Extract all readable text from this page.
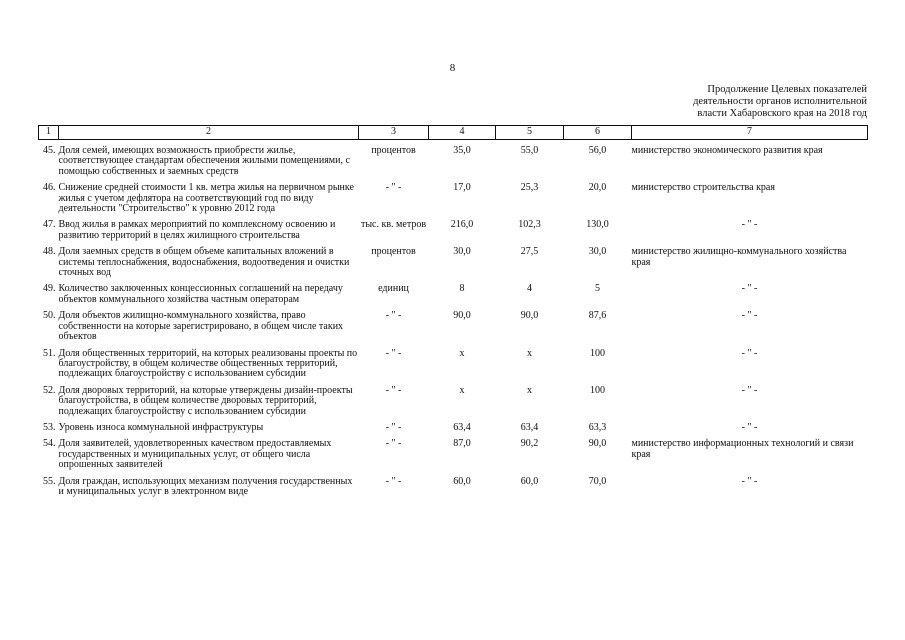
8
Продолжение Целевых показателей
деятельности органов исполнительной
власти Хабаровского края на 2018 год
1	2	3	4	5	6	7
45.	Доля семей, имеющих возможность приобрести жилье, соответствующее стандартам обеспечения жилыми помещениями, с помощью собственных и заемных средств	процентов	35,0	55,0	56,0	министерство экономического развития края
46.	Снижение средней стоимости 1 кв. метра жилья на первичном рынке жилья с учетом дефлятора на соответствующий год по виду деятельности "Строительство" к уровню 2012 года	- " -	17,0	25,3	20,0	министерство строительства края
47.	Ввод жилья в рамках мероприятий по комплексному освоению и развитию территорий в целях жилищного строительства	тыс. кв. метров	216,0	102,3	130,0	- " -
48.	Доля заемных средств в общем объеме капитальных вложений в системы теплоснабжения, водоснабжения, водоотведения и очистки сточных вод	процентов	30,0	27,5	30,0	министерство жилищно-коммунального хозяйства края
49.	Количество заключенных концессионных соглашений на передачу объектов коммунального хозяйства частным операторам	единиц	8	4	5	- " -
50.	Доля объектов жилищно-коммунального хозяйства, право собственности на которые зарегистрировано, в общем числе таких объектов	- " -	90,0	90,0	87,6	- " -
51.	Доля общественных территорий, на которых реализованы проекты по благоустройству, в общем количестве общественных территорий, подлежащих благоустройству с использованием субсидии	- " -	x	x	100	- " -
52.	Доля дворовых территорий, на которые утверждены дизайн-проекты благоустройства, в общем количестве дворовых территорий, подлежащих благоустройству с использованием субсидии	- " -	x	x	100	- " -
53.	Уровень износа коммунальной инфраструктуры	- " -	63,4	63,4	63,3	- " -
54.	Доля заявителей, удовлетворенных качеством предоставляемых государственных и муниципальных услуг, от общего числа опрошенных заявителей	- " -	87,0	90,2	90,0	министерство информационных технологий и связи края
55.	Доля граждан, использующих механизм получения государственных и муниципальных услуг в электронном виде	- " -	60,0	60,0	70,0	- " -
